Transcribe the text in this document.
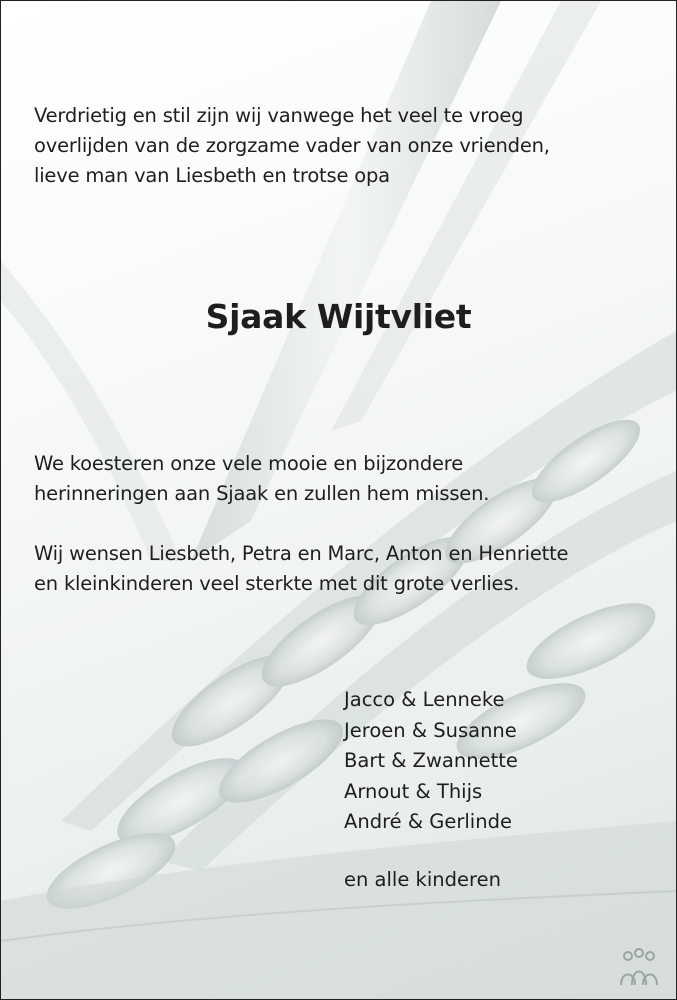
Verdrietig en stil zijn wij vanwege het veel te vroeg
overlijden van de zorgzame vader van onze vrienden,
lieve man van Liesbeth en trotse opa

Sjaak Wijtvliet

We koesteren onze vele mooie en bijzondere
herinneringen aan Sjaak en zullen hem missen.

Wij wensen Liesbeth, Petra en Marc, Anton en Henriette
en kleinkinderen veel sterkte met dit grote verlies.

Jacco & Lenneke
Jeroen & Susanne
Bart & Zwannette
Arnout & Thijs
André & Gerlinde
en alle kinderen
